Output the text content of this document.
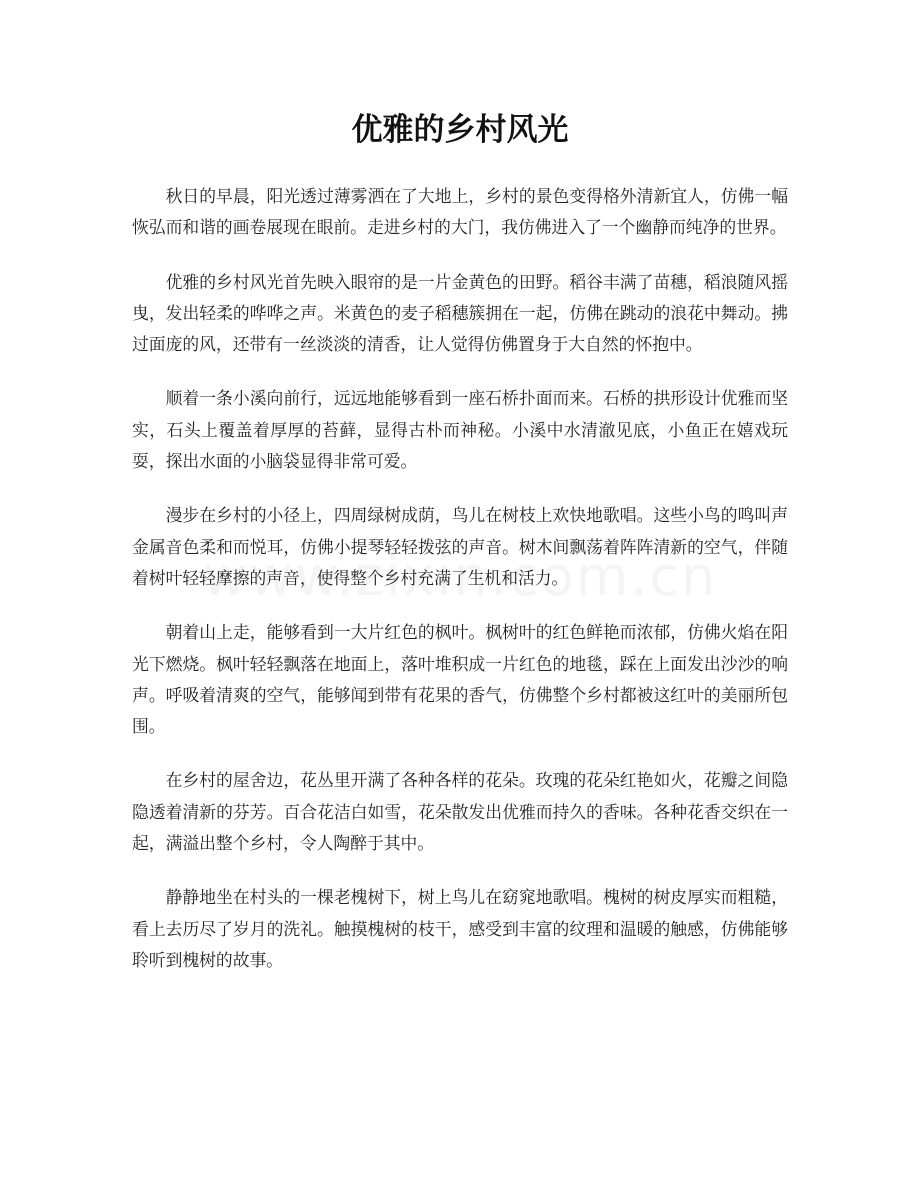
优雅的乡村风光

秋日的早晨，阳光透过薄雾洒在了大地上，乡村的景色变得格外清新宜人，仿佛一幅恢弘而和谐的画卷展现在眼前。走进乡村的大门，我仿佛进入了一个幽静而纯净的世界。

优雅的乡村风光首先映入眼帘的是一片金黄色的田野。稻谷丰满了苗穗，稻浪随风摇曳，发出轻柔的哗哗之声。米黄色的麦子稻穗簇拥在一起，仿佛在跳动的浪花中舞动。拂过面庞的风，还带有一丝淡淡的清香，让人觉得仿佛置身于大自然的怀抱中。

顺着一条小溪向前行，远远地能够看到一座石桥扑面而来。石桥的拱形设计优雅而坚实，石头上覆盖着厚厚的苔藓，显得古朴而神秘。小溪中水清澈见底，小鱼正在嬉戏玩耍，探出水面的小脑袋显得非常可爱。

漫步在乡村的小径上，四周绿树成荫，鸟儿在树枝上欢快地歌唱。这些小鸟的鸣叫声金属音色柔和而悦耳，仿佛小提琴轻轻拨弦的声音。树木间飘荡着阵阵清新的空气，伴随着树叶轻轻摩擦的声音，使得整个乡村充满了生机和活力。

朝着山上走，能够看到一大片红色的枫叶。枫树叶的红色鲜艳而浓郁，仿佛火焰在阳光下燃烧。枫叶轻轻飘落在地面上，落叶堆积成一片红色的地毯，踩在上面发出沙沙的响声。呼吸着清爽的空气，能够闻到带有花果的香气，仿佛整个乡村都被这红叶的美丽所包围。

在乡村的屋舍边，花丛里开满了各种各样的花朵。玫瑰的花朵红艳如火，花瓣之间隐隐透着清新的芬芳。百合花洁白如雪，花朵散发出优雅而持久的香味。各种花香交织在一起，满溢出整个乡村，令人陶醉于其中。

静静地坐在村头的一棵老槐树下，树上鸟儿在窈窕地歌唱。槐树的树皮厚实而粗糙，看上去历尽了岁月的洗礼。触摸槐树的枝干，感受到丰富的纹理和温暖的触感，仿佛能够聆听到槐树的故事。
